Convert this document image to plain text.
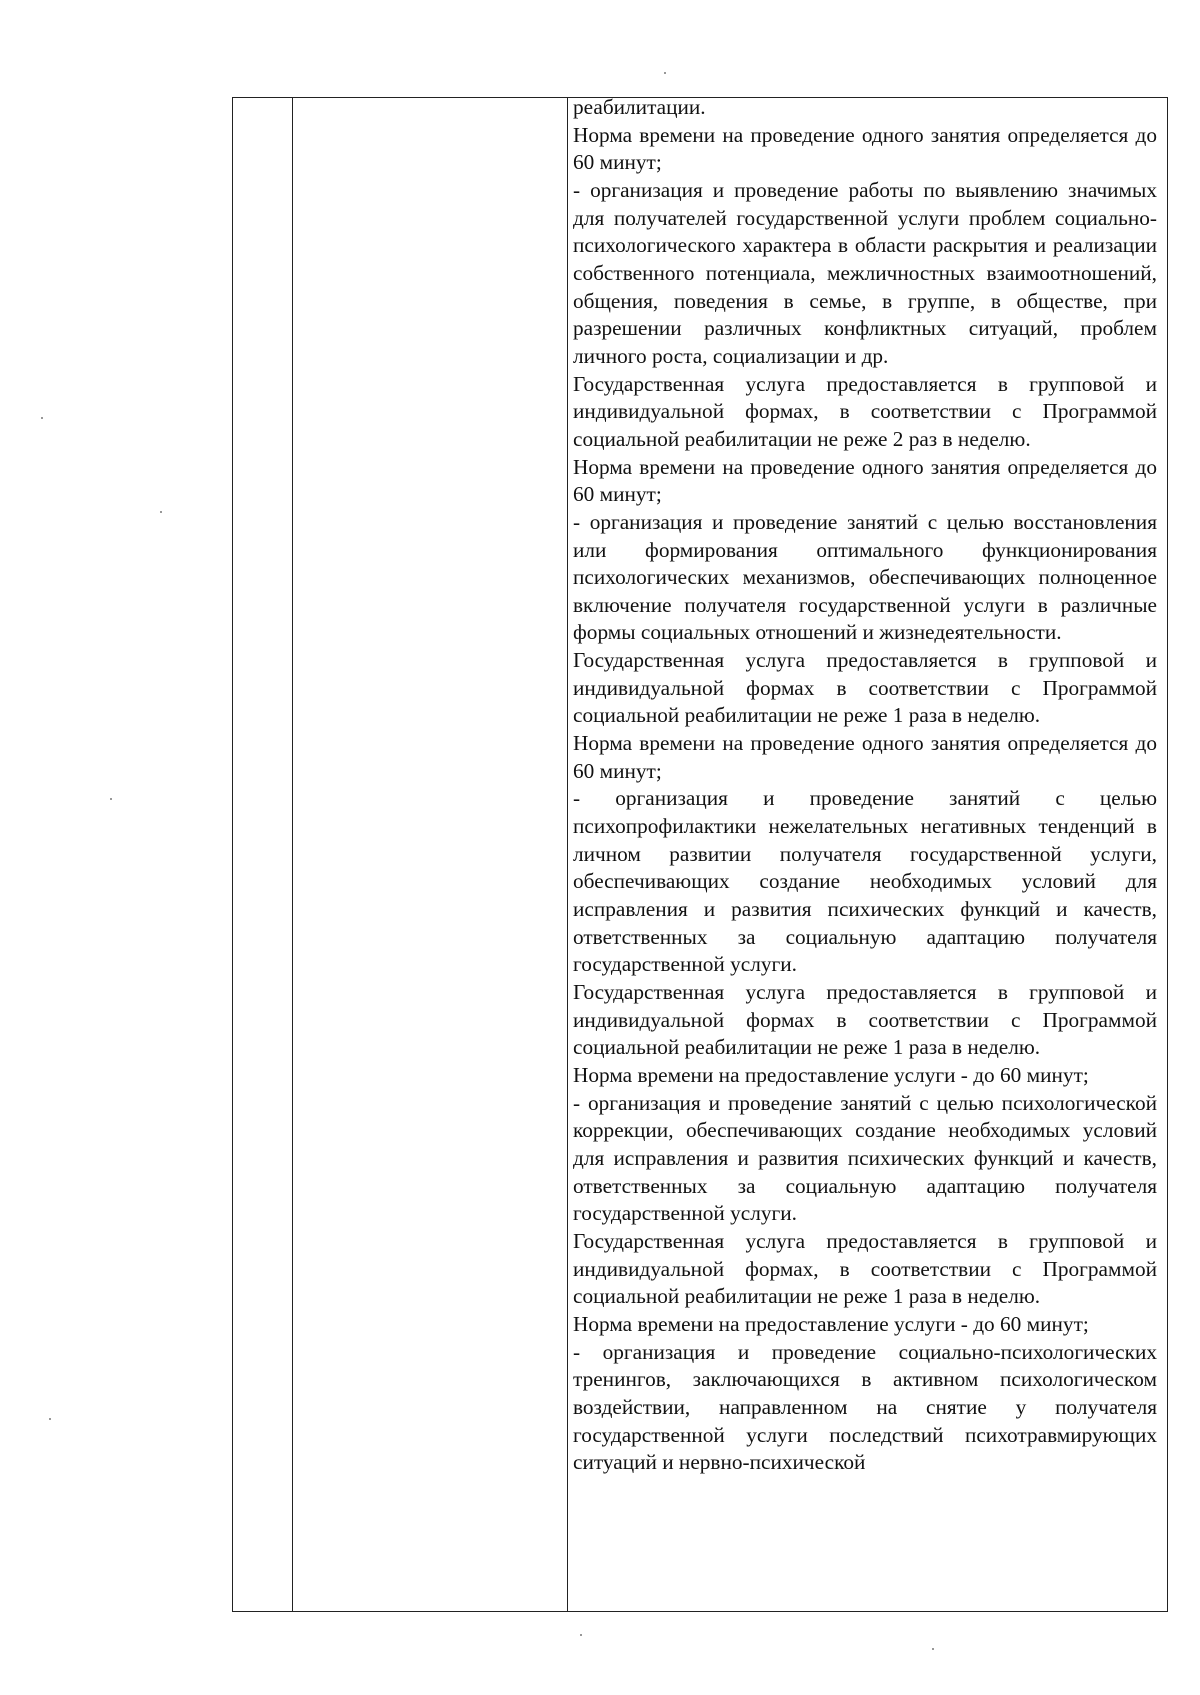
реабилитации.

Норма времени на проведение одного занятия определяется до 60 минут;

- организация и проведение работы по выявлению значимых для получателей государственной услуги проблем социально-психологического характера в области раскрытия и реализации собственного потенциала, межличностных взаимоотношений, общения, поведения в семье, в группе, в обществе, при разрешении различных конфликтных ситуаций, проблем личного роста, социализации и др.

Государственная услуга предоставляется в групповой и индивидуальной формах, в соответствии с Программой социальной реабилитации не реже 2 раз в неделю.

Норма времени на проведение одного занятия определяется до 60 минут;

- организация и проведение занятий с целью восстановления или формирования оптимального функционирования психологических механизмов, обеспечивающих полноценное включение получателя государственной услуги в различные формы социальных отношений и жизнедеятельности.

Государственная услуга предоставляется в групповой и индивидуальной формах в соответствии с Программой социальной реабилитации не реже 1 раза в неделю.

Норма времени на проведение одного занятия определяется до 60 минут;

- организация и проведение занятий с целью психопрофилактики нежелательных негативных тенденций в личном развитии получателя государственной услуги, обеспечивающих создание необходимых условий для исправления и развития психических функций и качеств, ответственных за социальную адаптацию получателя государственной услуги.

Государственная услуга предоставляется в групповой и индивидуальной формах в соответствии с Программой социальной реабилитации не реже 1 раза в неделю.

Норма времени на предоставление услуги - до 60 минут;

- организация и проведение занятий с целью психологической коррекции, обеспечивающих создание необходимых условий для исправления и развития психических функций и качеств, ответственных за социальную адаптацию получателя государственной услуги.

Государственная услуга предоставляется в групповой и индивидуальной формах, в соответствии с Программой социальной реабилитации не реже 1 раза в неделю.

Норма времени на предоставление услуги - до 60 минут;

- организация и проведение социально-психологических тренингов, заключающихся в активном психологическом воздействии, направленном на снятие у получателя государственной услуги последствий психотравмирующих ситуаций и нервно-психической
